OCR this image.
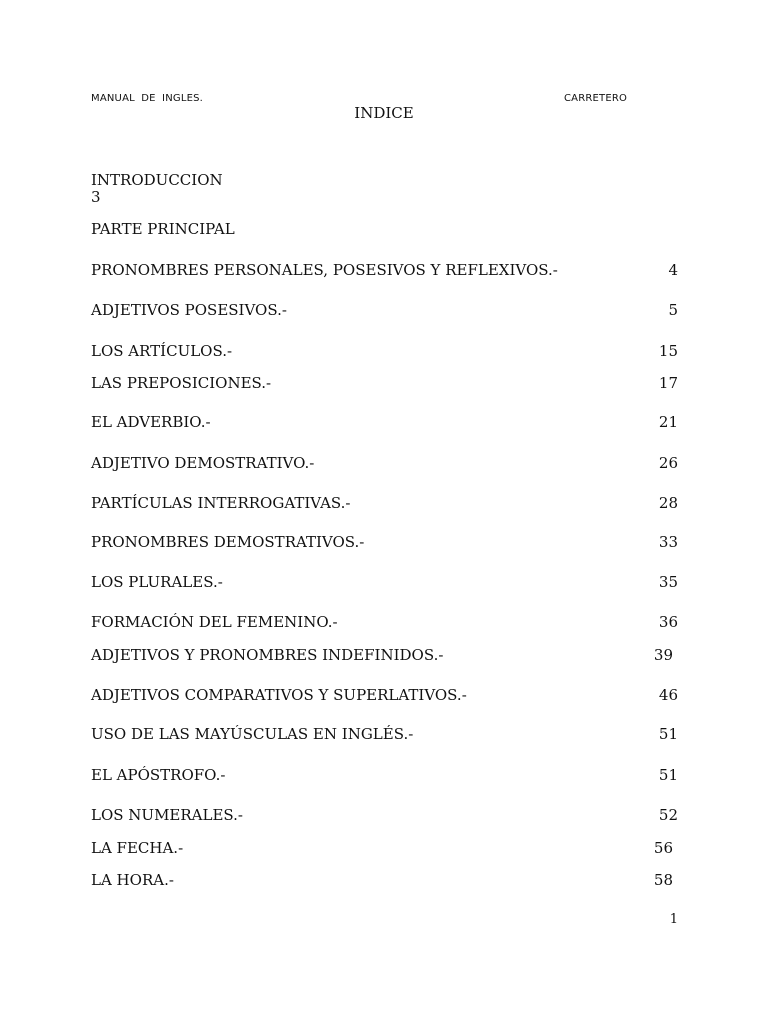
MANUAL DE INGLES.	CARRETERO
INDICE
INTRODUCCION
3
PARTE PRINCIPAL
PRONOMBRES PERSONALES, POSESIVOS Y REFLEXIVOS.-	4
ADJETIVOS POSESIVOS.-	5
LOS ARTÍCULOS.-	15
LAS PREPOSICIONES.-	17
EL ADVERBIO.-	21
ADJETIVO DEMOSTRATIVO.-	26
PARTÍCULAS INTERROGATIVAS.-	28
PRONOMBRES DEMOSTRATIVOS.-	33
LOS PLURALES.-	35
FORMACIÓN DEL FEMENINO.-	36
ADJETIVOS Y PRONOMBRES INDEFINIDOS.-	39
ADJETIVOS COMPARATIVOS Y SUPERLATIVOS.-	46
USO DE LAS MAYÚSCULAS EN INGLÉS.-	51
EL APÓSTROFO.-	51
LOS NUMERALES.-	52
LA FECHA.-	56
LA HORA.-	58
1
